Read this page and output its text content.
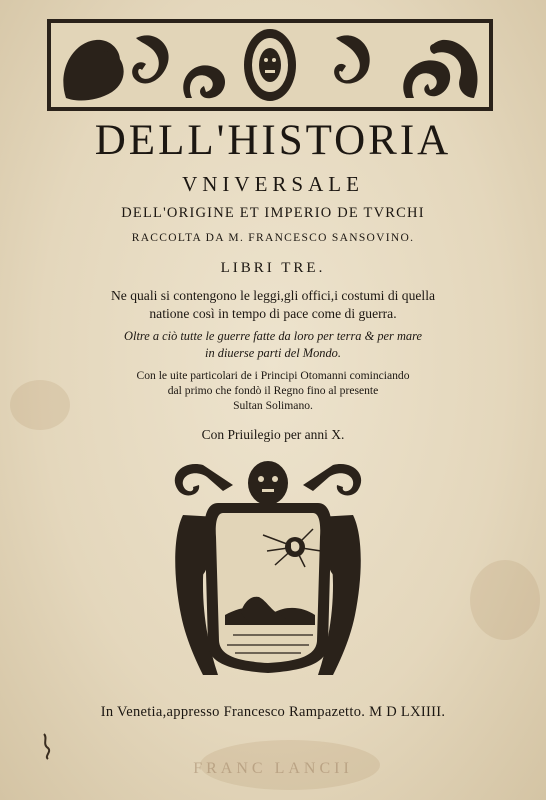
DELL'HISTORIA
VNIVERSALE
DELL'ORIGINE ET IMPERIO DE TVRCHI
RACCOLTA DA M. FRANCESCO SANSOVINO.
LIBRI TRE.
Ne quali si contengono le leggi,gli offici,i costumi di quella
natione così in tempo di pace come di guerra.
Oltre a ciò tutte le guerre fatte da loro per terra & per mare
in diuerse parti del Mondo.
Con le uite particolari de i Principi Otomanni cominciando
dal primo che fondò il Regno fino al presente
Sultan Solimano.
Con Priuilegio per anni X.
In Venetia,appresso Francesco Rampazetto. M D LXIIII.
FRANC LANCII
